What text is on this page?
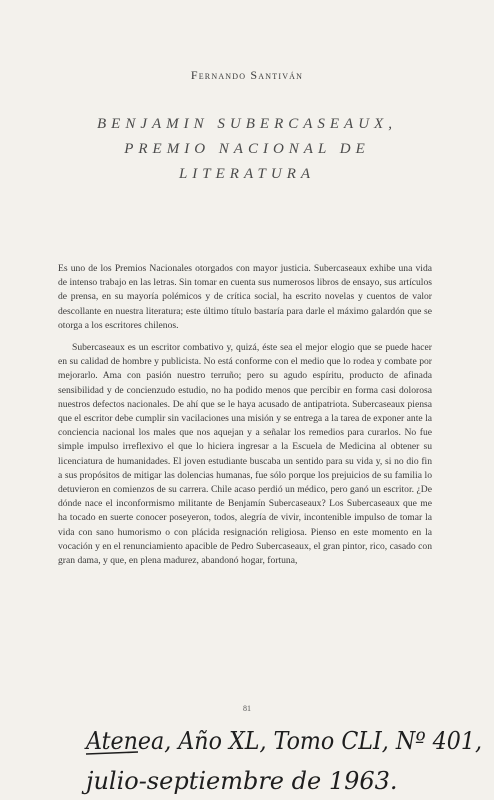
Fernando Santiván
BENJAMIN SUBERCASEAUX,
PREMIO NACIONAL DE
LITERATURA

Es uno de los Premios Nacionales otorgados con mayor justicia. Subercaseaux exhibe una vida de intenso trabajo en las letras. Sin tomar en cuenta sus numerosos libros de ensayo, sus artículos de prensa, en su mayoría polémicos y de crítica social, ha escrito novelas y cuentos de valor descollante en nuestra literatura; este último título bastaría para darle el máximo galardón que se otorga a los escritores chilenos.

Subercaseaux es un escritor combativo y, quizá, éste sea el mejor elogio que se puede hacer en su calidad de hombre y publicista. No está conforme con el medio que lo rodea y combate por mejorarlo. Ama con pasión nuestro terruño; pero su agudo espíritu, producto de afinada sensibilidad y de concienzudo estudio, no ha podido menos que percibir en forma casi dolorosa nuestros defectos nacionales. De ahí que se le haya acusado de antipatriota. Subercaseaux piensa que el escritor debe cumplir sin vacilaciones una misión y se entrega a la tarea de exponer ante la conciencia nacional los males que nos aquejan y a señalar los remedios para curarlos. No fue simple impulso irreflexivo el que lo hiciera ingresar a la Escuela de Medicina al obtener su licenciatura de humanidades. El joven estudiante buscaba un sentido para su vida y, si no dio fin a sus propósitos de mitigar las dolencias humanas, fue sólo porque los prejuicios de su familia lo detuvieron en comienzos de su carrera. Chile acaso perdió un médico, pero ganó un escritor. ¿De dónde nace el inconformismo militante de Benjamín Subercaseaux? Los Subercaseaux que me ha tocado en suerte conocer poseyeron, todos, alegría de vivir, incontenible impulso de tomar la vida con sano humorismo o con plácida resignación religiosa. Pienso en este momento en la vocación y en el renunciamiento apacible de Pedro Subercaseaux, el gran pintor, rico, casado con gran dama, y que, en plena madurez, abandonó hogar, fortuna,

81
Atenea, Año XL, Tomo CLI, Nº 401,
julio-septiembre de 1963.
